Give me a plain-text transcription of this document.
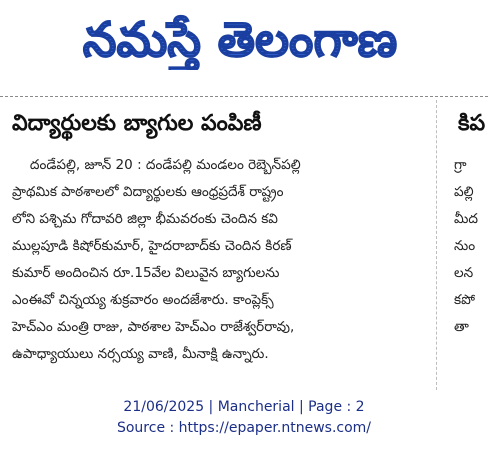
నమస్తే తెలంగాణ
విద్యార్థులకు బ్యాగుల పంపిణీ

దండేపల్లి, జూన్ 20 : దండేపల్లి మండలం రెబ్బెన్‌పల్లి

ప్రాథమిక పాఠశాలలో విద్యార్థులకు ఆంధ్రప్రదేశ్ రాష్ట్రం

లోని పశ్చిమ గోదావరి జిల్లా భీమవరంకు చెందిన కవి

ముల్లపూడి కిషోర్‌కుమార్, హైదరాబాద్‌కు చెందిన కిరణ్

కుమార్ అందించిన రూ.15వేల విలువైన బ్యాగులను

ఎంఈవో చిన్నయ్య శుక్రవారం అందజేశారు. కాంప్లెక్స్

హెచ్‌ఎం మంత్రి రాజు, పాఠశాల హెచ్‌ఎం రాజేశ్వర్‌రావు,

ఉపాధ్యాయులు నర్సయ్య వాణి, మీనాక్షి ఉన్నారు.

కిప

గ్రా

పల్లి

మీద

నుం

లన

కపో

తా

21/06/2025 | Mancherial | Page : 2
Source : https://epaper.ntnews.com/
